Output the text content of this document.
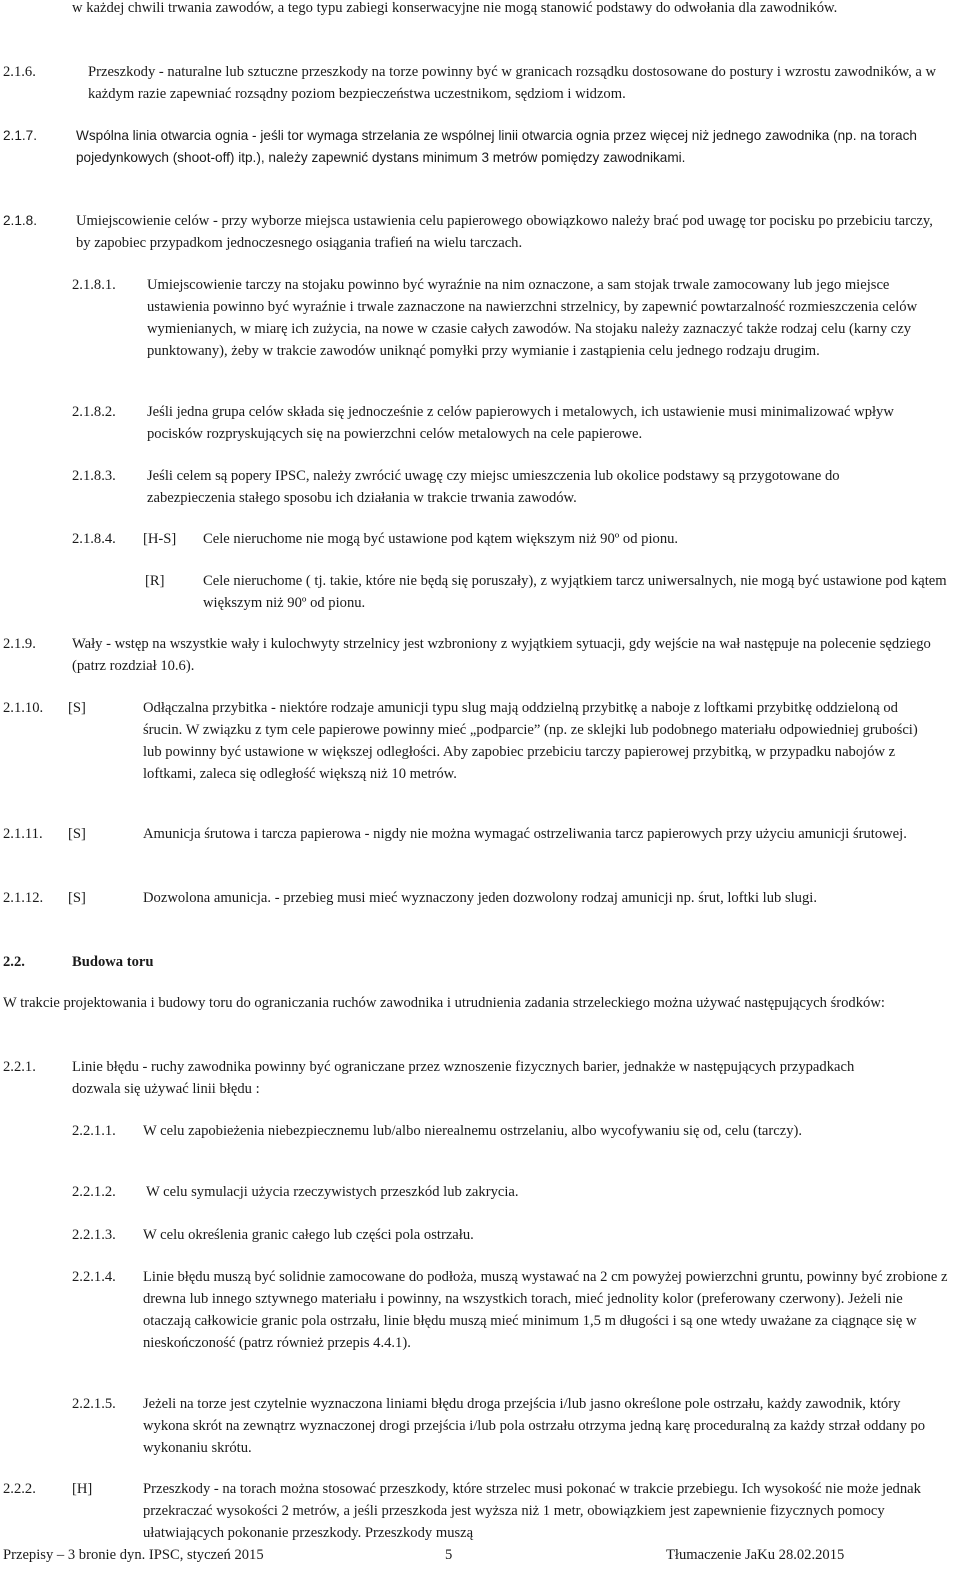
w każdej chwili trwania zawodów, a tego typu zabiegi konserwacyjne nie mogą stanowić podstawy do odwołania dla zawodników.
2.1.6.	Przeszkody - naturalne lub sztuczne przeszkody na torze powinny być w granicach rozsądku dostosowane do postury i wzrostu zawodników, a w każdym razie zapewniać rozsądny poziom bezpieczeństwa uczestnikom, sędziom i widzom.
2.1.7.	Wspólna linia otwarcia ognia - jeśli tor wymaga strzelania ze wspólnej linii otwarcia ognia przez więcej niż jednego zawodnika (np. na torach pojedynkowych (shoot-off) itp.), należy zapewnić dystans minimum 3 metrów pomiędzy zawodnikami.
2.1.8.	Umiejscowienie celów - przy wyborze miejsca ustawienia celu papierowego obowiązkowo należy brać pod uwagę tor pocisku po przebiciu tarczy, by zapobiec przypadkom jednoczesnego osiągania trafień na wielu tarczach.
2.1.8.1. Umiejscowienie tarczy na stojaku powinno być wyraźnie na nim oznaczone, a sam stojak trwale zamocowany lub jego miejsce ustawienia powinno być wyraźnie i trwale zaznaczone na nawierzchni strzelnicy, by zapewnić powtarzalność rozmieszczenia celów wymienianych, w miarę ich zużycia, na nowe w czasie całych zawodów. Na stojaku należy zaznaczyć także rodzaj celu (karny czy punktowany), żeby w trakcie zawodów uniknąć pomyłki przy wymianie i zastąpienia celu jednego rodzaju drugim.
2.1.8.2. Jeśli jedna grupa celów składa się jednocześnie z celów papierowych i metalowych, ich ustawienie musi minimalizować wpływ pocisków rozpryskujących się na powierzchni celów metalowych na cele papierowe.
2.1.8.3. Jeśli celem są popery IPSC, należy zwrócić uwagę czy miejsc umieszczenia lub okolice podstawy są przygotowane do zabezpieczenia stałego sposobu ich działania w trakcie trwania zawodów.
2.1.8.4. [H-S] Cele nieruchome nie mogą być ustawione pod kątem większym niż 90º od pionu.
[R]	Cele nieruchome ( tj. takie, które nie będą się poruszały), z wyjątkiem tarcz uniwersalnych, nie mogą być ustawione pod kątem większym niż 90º od pionu.
2.1.9. Wały - wstęp na wszystkie wały i kulochwyty strzelnicy jest wzbroniony z wyjątkiem sytuacji, gdy wejście na wał następuje na polecenie sędziego (patrz rozdział 10.6).
2.1.10. [S]	Odłączalna przybitka - niektóre rodzaje amunicji typu slug mają oddzielną przybitkę a naboje z loftkami przybitkę oddzieloną od śrucin. W związku z tym cele papierowe powinny mieć „podparcie” (np. ze sklejki lub podobnego materiału odpowiedniej grubości) lub powinny być ustawione w większej odległości. Aby zapobiec przebiciu tarczy papierowej przybitką, w przypadku nabojów z loftkami, zaleca się odległość większą niż 10 metrów.
2.1.11. [S]	Amunicja śrutowa i tarcza papierowa - nigdy nie można wymagać ostrzeliwania tarcz papierowych przy użyciu amunicji śrutowej.
2.1.12. [S]	Dozwolona amunicja. - przebieg musi mieć wyznaczony jeden dozwolony rodzaj amunicji np. śrut, loftki lub slugi.
2.2.	Budowa toru
W trakcie projektowania i budowy toru do ograniczania ruchów zawodnika i utrudnienia zadania strzeleckiego można używać następujących środków:
2.2.1. Linie błędu - ruchy zawodnika powinny być ograniczane przez wznoszenie fizycznych barier, jednakże w następujących przypadkach dozwala się używać linii błędu :
2.2.1.1. W celu zapobieżenia niebezpiecznemu lub/albo nierealnemu ostrzelaniu, albo wycofywaniu się od, celu (tarczy).
2.2.1.2. W celu symulacji użycia rzeczywistych przeszkód lub zakrycia.
2.2.1.3. W celu określenia granic całego lub części pola ostrzału.
2.2.1.4. Linie błędu muszą być solidnie zamocowane do podłoża, muszą wystawać na 2 cm powyżej powierzchni gruntu, powinny być zrobione z drewna lub innego sztywnego materiału i powinny, na wszystkich torach, mieć jednolity kolor (preferowany czerwony). Jeżeli nie otaczają całkowicie granic pola ostrzału, linie błędu muszą mieć minimum 1,5 m długości i są one wtedy uważane za ciągnące się w nieskończoność (patrz również przepis 4.4.1).
2.2.1.5. Jeżeli na torze jest czytelnie wyznaczona liniami błędu droga przejścia i/lub jasno określone pole ostrzału, każdy zawodnik, który wykona skrót na zewnątrz wyznaczonej drogi przejścia i/lub pola ostrzału otrzyma jedną karę proceduralną za każdy strzał oddany po wykonaniu skrótu.
2.2.2. [H]	Przeszkody - na torach można stosować przeszkody, które strzelec musi pokonać w trakcie przebiegu. Ich wysokość nie może jednak przekraczać wysokości 2 metrów, a jeśli przeszkoda jest wyższa niż 1 metr, obowiązkiem jest zapewnienie fizycznych pomocy ułatwiających pokonanie przeszkody. Przeszkody muszą
Przepisy – 3 bronie dyn. IPSC, styczeń 2015	5	Tłumaczenie JaKu 28.02.2015
